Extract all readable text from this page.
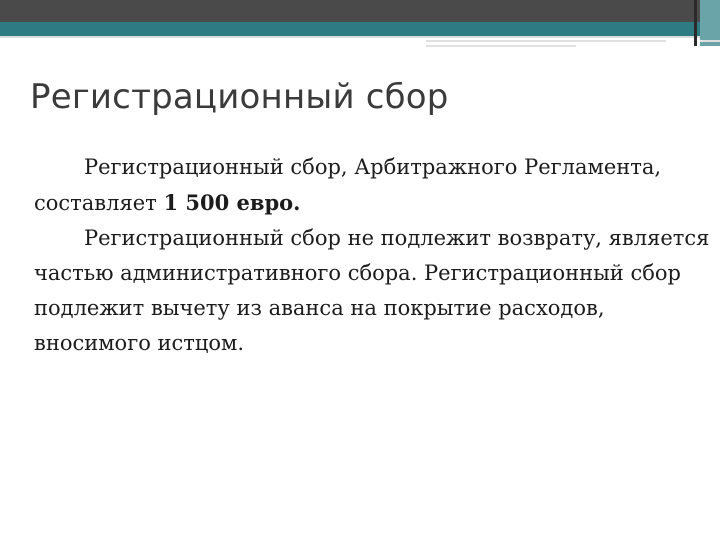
Регистрационный сбор

Регистрационный сбор, Арбитражного Регламента, составляет 1 500 евро.

Регистрационный сбор не подлежит возврату, является частью административного сбора. Регистрационный сбор подлежит вычету из аванса на покрытие расходов, вносимого истцом.
